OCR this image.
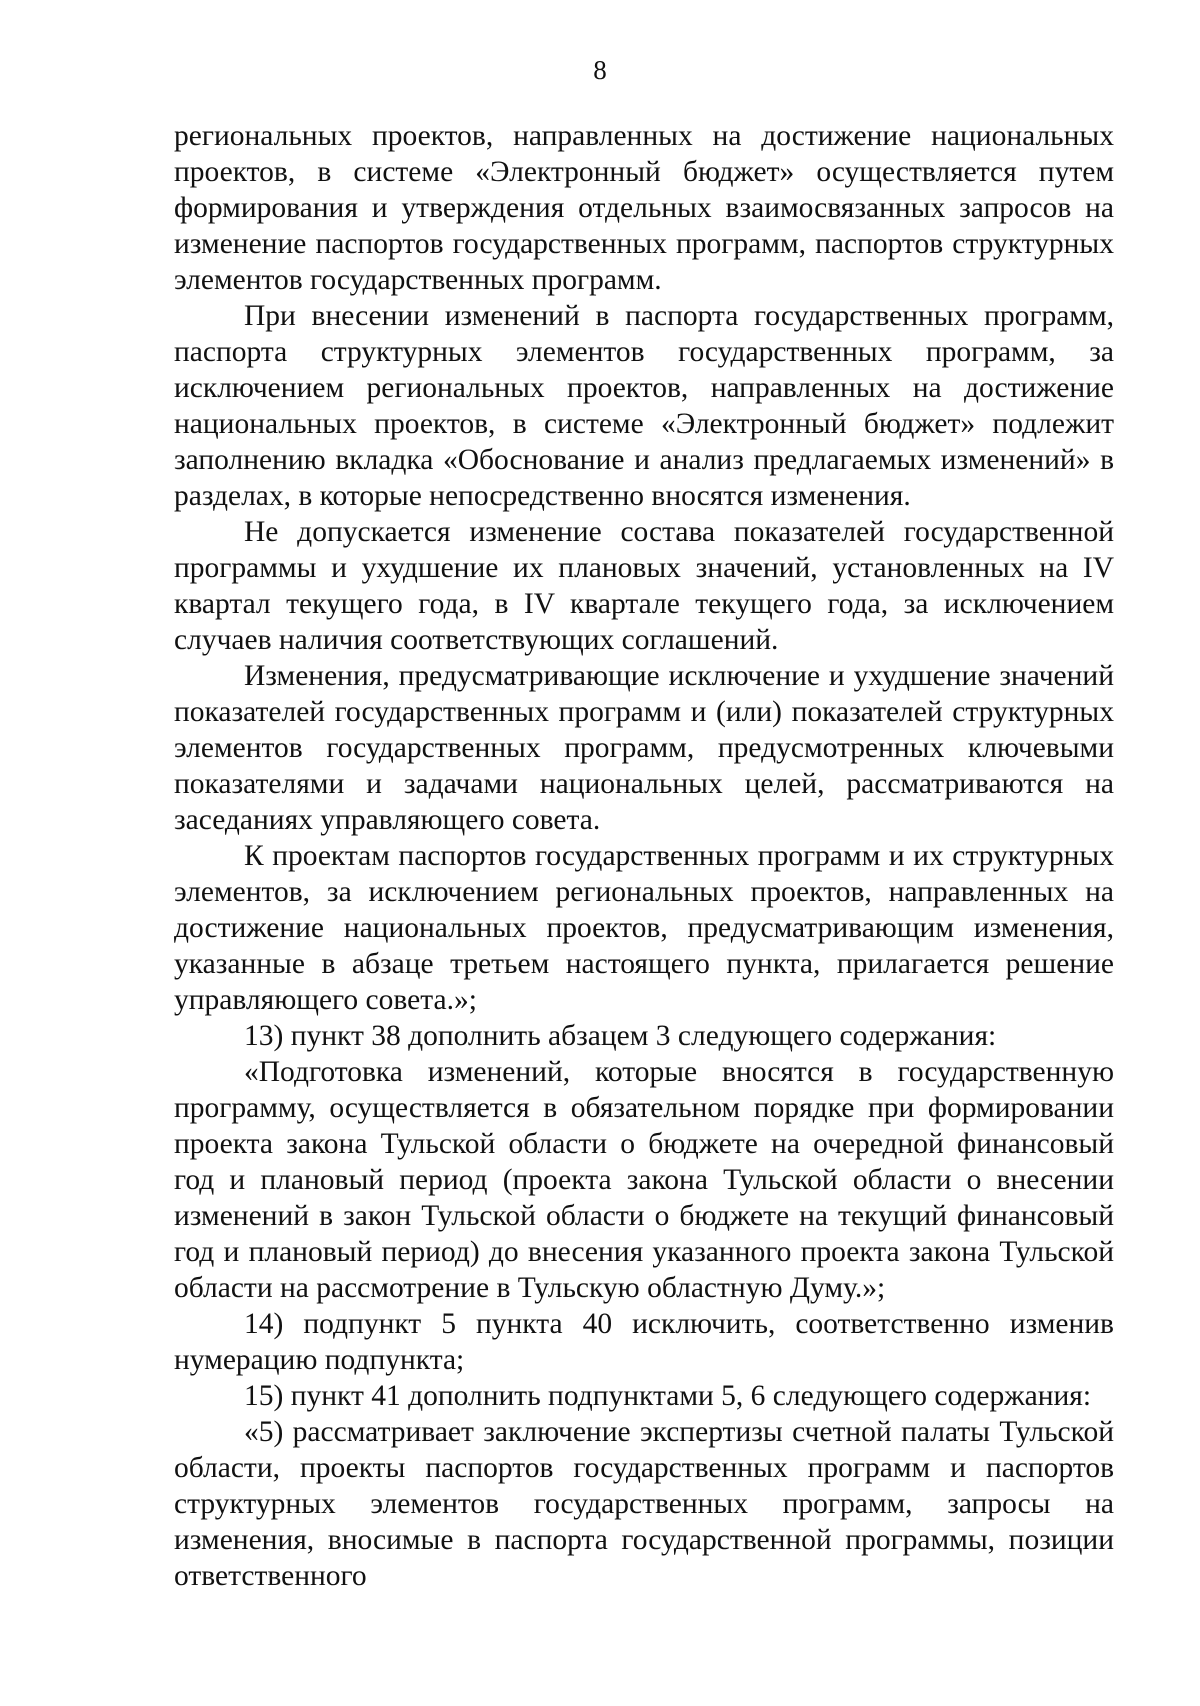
8

региональных проектов, направленных на достижение национальных проектов, в системе «Электронный бюджет» осуществляется путем формирования и утверждения отдельных взаимосвязанных запросов на изменение паспортов государственных программ, паспортов структурных элементов государственных программ.

При внесении изменений в паспорта государственных программ, паспорта структурных элементов государственных программ, за исключением региональных проектов, направленных на достижение национальных проектов, в системе «Электронный бюджет» подлежит заполнению вкладка «Обоснование и анализ предлагаемых изменений» в разделах, в которые непосредственно вносятся изменения.

Не допускается изменение состава показателей государственной программы и ухудшение их плановых значений, установленных на IV квартал текущего года, в IV квартале текущего года, за исключением случаев наличия соответствующих соглашений.

Изменения, предусматривающие исключение и ухудшение значений показателей государственных программ и (или) показателей структурных элементов государственных программ, предусмотренных ключевыми показателями и задачами национальных целей, рассматриваются на заседаниях управляющего совета.

К проектам паспортов государственных программ и их структурных элементов, за исключением региональных проектов, направленных на достижение национальных проектов, предусматривающим изменения, указанные в абзаце третьем настоящего пункта, прилагается решение управляющего совета.»;

13) пункт 38 дополнить абзацем 3 следующего содержания:

«Подготовка изменений, которые вносятся в государственную программу, осуществляется в обязательном порядке при формировании проекта закона Тульской области о бюджете на очередной финансовый год и плановый период (проекта закона Тульской области о внесении изменений в закон Тульской области о бюджете на текущий финансовый год и плановый период) до внесения указанного проекта закона Тульской области на рассмотрение в Тульскую областную Думу.»;

14) подпункт 5 пункта 40 исключить, соответственно изменив нумерацию подпункта;

15) пункт 41 дополнить подпунктами 5, 6 следующего содержания:

«5) рассматривает заключение экспертизы счетной палаты Тульской области, проекты паспортов государственных программ и паспортов структурных элементов государственных программ, запросы на изменения, вносимые в паспорта государственной программы, позиции ответственного
